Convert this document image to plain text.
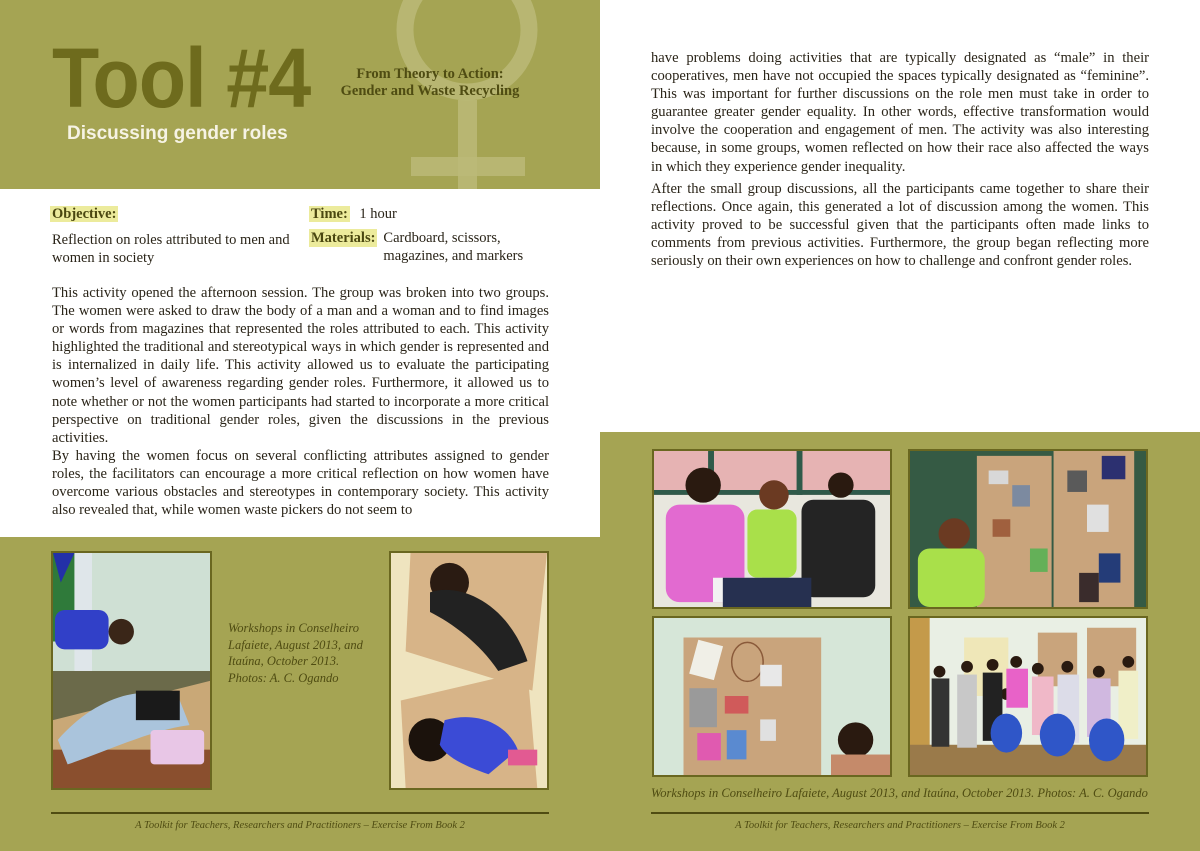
Tool #4	From Theory to Action:
Gender and Waste Recycling
Discussing gender roles
Objective:
Reflection on roles attributed to men and women in society
Time: 1 hour
Materials: Cardboard, scissors, magazines, and markers

This activity opened the afternoon session. The group was broken into two groups. The women were asked to draw the body of a man and a woman and to find images or words from magazines that represented the roles attributed to each. This activity highlighted the traditional and stereotypical ways in which gender is represented and is internalized in daily life. This activity allowed us to evaluate the participating women’s level of awareness regarding gender roles. Furthermore, it allowed us to note whether or not the women participants had started to incorporate a more critical perspective on traditional gender roles, given the discussions in the previous activities.

By having the women focus on several conflicting attributes assigned to gender roles, the facilitators can encourage a more critical reflection on how women have overcome various obstacles and stereotypes in contemporary society. This activity also revealed that, while women waste pickers do not seem to

have problems doing activities that are typically designated as “male” in their cooperatives, men have not occupied the spaces typically designated as “feminine”. This was important for further discussions on the role men must take in order to guarantee greater gender equality. In other words, effective transformation would involve the cooperation and engagement of men. The activity was also interesting because, in some groups, women reflected on how their race also affected the ways in which they experience gender inequality.

After the small group discussions, all the participants came together to share their reflections. Once again, this generated a lot of discussion among the women. This activity proved to be successful given that the participants often made links to comments from previous activities. Furthermore, the group began reflecting more seriously on their own experiences on how to challenge and confront gender roles.

Workshops in Conselheiro Lafaiete, August 2013, and Itaúna, October 2013. Photos: A. C. Ogando
Workshops in Conselheiro Lafaiete, August 2013, and Itaúna, October 2013. Photos: A. C. Ogando
A Toolkit for Teachers, Researchers and Practitioners – Exercise From Book 2	A Toolkit for Teachers, Researchers and Practitioners – Exercise From Book 2
